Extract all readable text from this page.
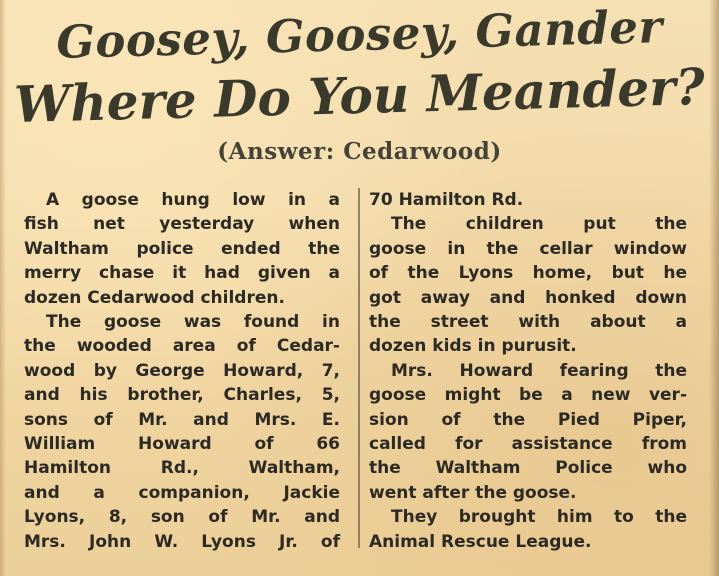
Goosey, Goosey, Gander
Where Do You Meander?
(Answer: Cedarwood)
A goose hung low in a
fish net yesterday when
Waltham police ended the
merry chase it had given a
dozen Cedarwood children.
The goose was found in
the wooded area of Cedar-
wood by George Howard, 7,
and his brother, Charles, 5,
sons of Mr. and Mrs. E.
William Howard of 66
Hamilton Rd., Waltham,
and a companion, Jackie
Lyons, 8, son of Mr. and
Mrs. John W. Lyons Jr. of
70 Hamilton Rd.
The children put the
goose in the cellar window
of the Lyons home, but he
got away and honked down
the street with about a
dozen kids in purusit.
Mrs. Howard fearing the
goose might be a new ver-
sion of the Pied Piper,
called for assistance from
the Waltham Police who
went after the goose.
They brought him to the
Animal Rescue League.
